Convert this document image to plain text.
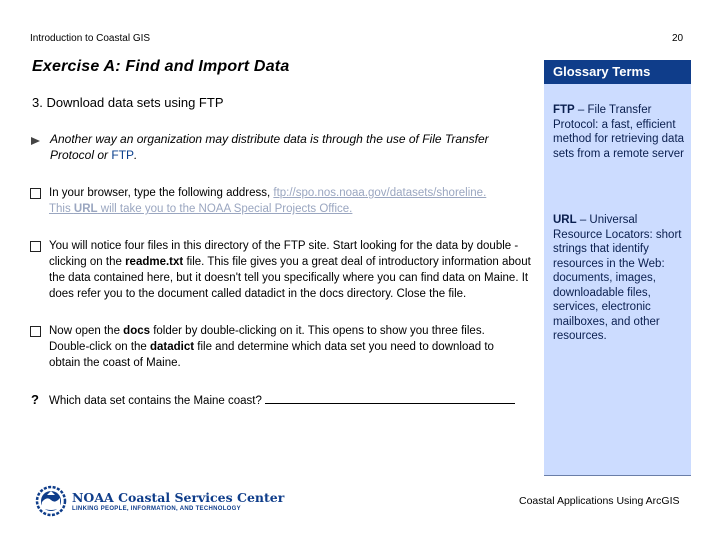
Introduction to Coastal GIS	20
Exercise A: Find and Import Data
3. Download data sets using FTP
Another way an organization may distribute data is through the use of File Transfer Protocol or FTP.
In your browser, type the following address, ftp://spo.nos.noaa.gov/datasets/shoreline.
This URL will take you to the NOAA Special Projects Office.
You will notice four files in this directory of the FTP site. Start looking for the data by double -clicking on the readme.txt file. This file gives you a great deal of introductory information about the data contained here, but it doesn't tell you specifically where you can find data on Maine. It does refer you to the document called datadict in the docs directory. Close the file.
Now open the docs folder by double-clicking on it. This opens to show you three files. Double-click on the datadict file and determine which data set you need to download to obtain the coast of Maine.
? Which data set contains the Maine coast?
Glossary Terms
FTP – File Transfer Protocol: a fast, efficient method for retrieving data sets from a remote server
URL – Universal Resource Locators: short strings that identify resources in the Web: documents, images, downloadable files, services, electronic mailboxes, and other resources.
NOAA Coastal Services Center
LINKING PEOPLE, INFORMATION, AND TECHNOLOGY
Coastal Applications Using ArcGIS
